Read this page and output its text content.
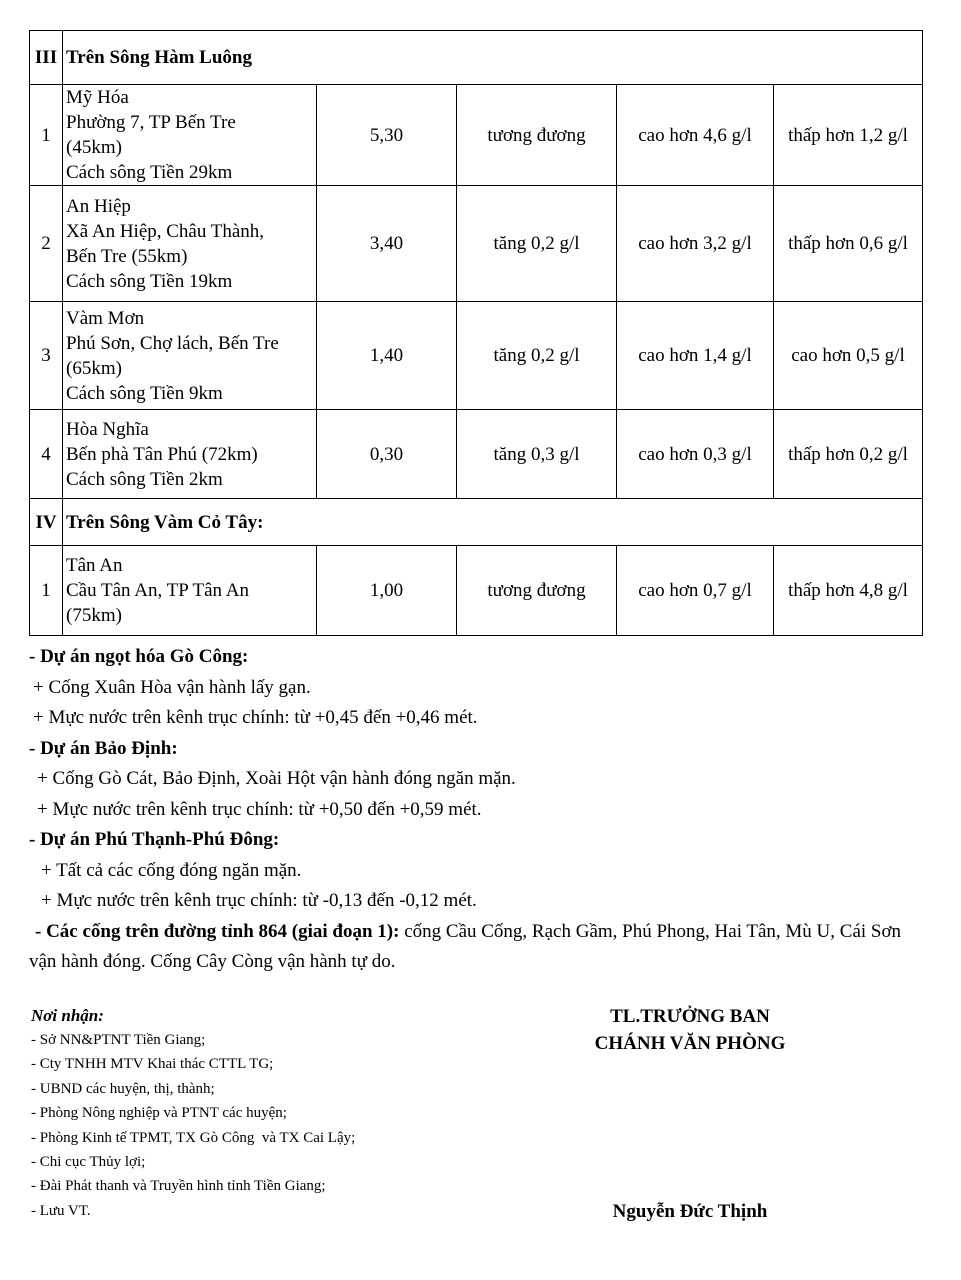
III	Trên Sông Hàm Luông				
1	Mỹ Hóa
Phường 7, TP Bến Tre
(45km)
Cách sông Tiền 29km	5,30	tương đương	cao hơn 4,6 g/l	thấp hơn 1,2 g/l
2	An Hiệp
Xã An Hiệp, Châu Thành,
Bến Tre (55km)
Cách sông Tiền 19km	3,40	tăng 0,2 g/l	cao hơn 3,2 g/l	thấp hơn 0,6 g/l
3	Vàm Mơn
Phú Sơn, Chợ lách, Bến Tre
(65km)
Cách sông Tiền 9km	1,40	tăng 0,2 g/l	cao hơn 1,4 g/l	cao hơn 0,5 g/l
4	Hòa Nghĩa
Bến phà Tân Phú (72km)
Cách sông Tiền 2km	0,30	tăng 0,3 g/l	cao hơn 0,3 g/l	thấp hơn 0,2 g/l
IV	Trên Sông Vàm Cỏ Tây:				
1	Tân An
Cầu Tân An, TP Tân An
(75km)	1,00	tương đương	cao hơn 0,7 g/l	thấp hơn 4,8 g/l
- Dự án ngọt hóa Gò Công:
+ Cống Xuân Hòa vận hành lấy gạn.
+ Mực nước trên kênh trục chính: từ +0,45 đến +0,46 mét.
- Dự án Bảo Định:
+ Cống Gò Cát, Bảo Định, Xoài Hột vận hành đóng ngăn mặn.
+ Mực nước trên kênh trục chính: từ +0,50 đến +0,59 mét.
- Dự án Phú Thạnh-Phú Đông:
+ Tất cả các cống đóng ngăn mặn.
+ Mực nước trên kênh trục chính: từ -0,13 đến -0,12 mét.
- Các cống trên đường tỉnh 864 (giai đoạn 1): cống Cầu Cống, Rạch Gầm, Phú Phong, Hai Tân, Mù U, Cái Sơn vận hành đóng. Cống Cây Còng vận hành tự do.
Nơi nhận:
- Sở NN&PTNT Tiền Giang;
- Cty TNHH MTV Khai thác CTTL TG;
- UBND các huyện, thị, thành;
- Phòng Nông nghiệp và PTNT các huyện;
- Phòng Kinh tế TPMT, TX Gò Công  và TX Cai Lậy;
- Chi cục Thủy lợi;
- Đài Phát thanh và Truyền hình tỉnh Tiền Giang;
- Lưu VT.
TL.TRƯỞNG BAN
CHÁNH VĂN PHÒNG
Nguyễn Đức Thịnh
